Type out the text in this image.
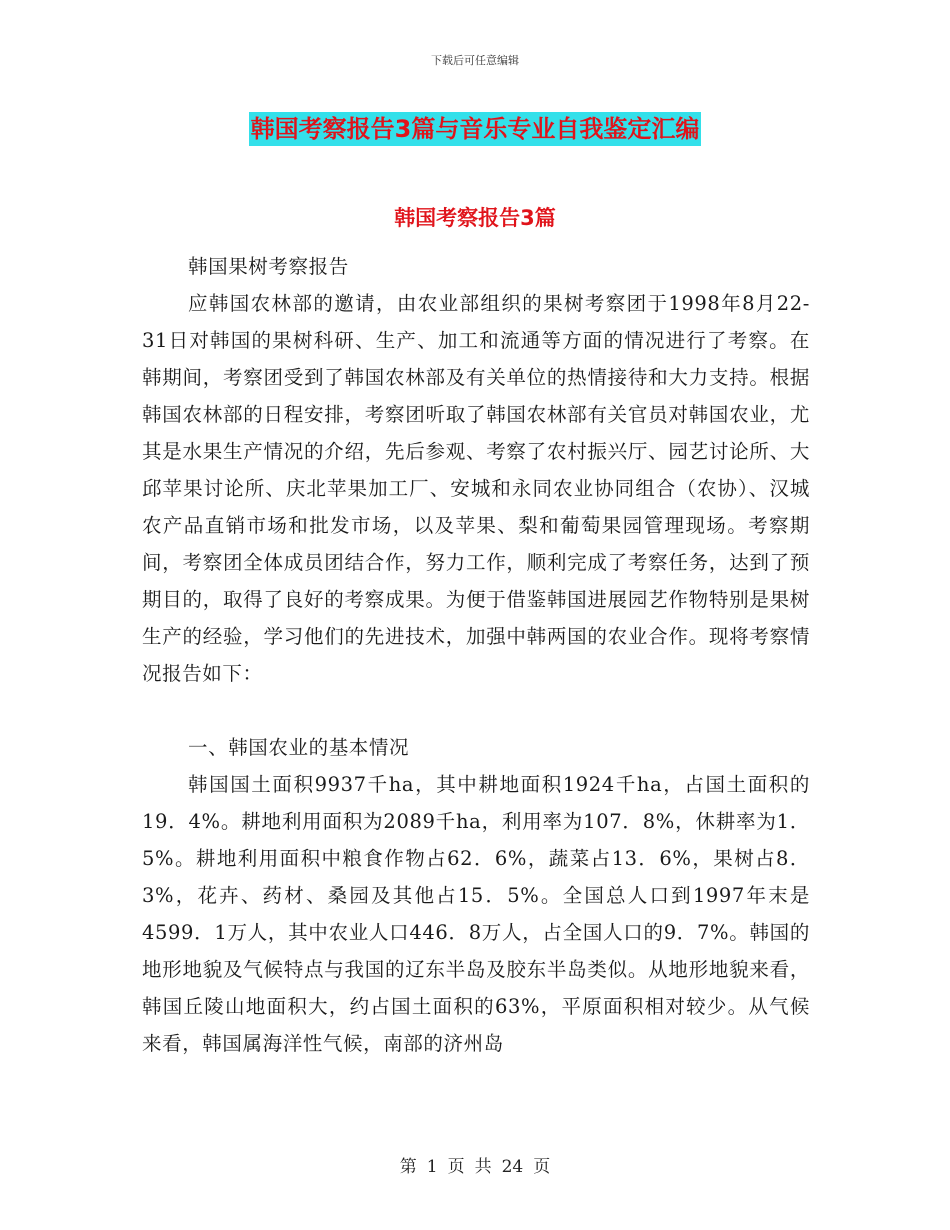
下载后可任意编辑
韩国考察报告3篇与音乐专业自我鉴定汇编
韩国考察报告3篇
韩国果树考察报告

应韩国农林部的邀请，由农业部组织的果树考察团于1998年8月22-31日对韩国的果树科研、生产、加工和流通等方面的情况进行了考察。在韩期间，考察团受到了韩国农林部及有关单位的热情接待和大力支持。根据韩国农林部的日程安排，考察团听取了韩国农林部有关官员对韩国农业，尤其是水果生产情况的介绍，先后参观、考察了农村振兴厅、园艺讨论所、大邱苹果讨论所、庆北苹果加工厂、安城和永同农业协同组合（农协）、汉城农产品直销市场和批发市场，以及苹果、梨和葡萄果园管理现场。考察期间，考察团全体成员团结合作，努力工作，顺利完成了考察任务，达到了预期目的，取得了良好的考察成果。为便于借鉴韩国进展园艺作物特别是果树生产的经验，学习他们的先进技术，加强中韩两国的农业合作。现将考察情况报告如下：

一、韩国农业的基本情况

韩国国土面积9937千ha，其中耕地面积1924千ha，占国土面积的19．4%。耕地利用面积为2089千ha，利用率为107．8%，休耕率为1．5%。耕地利用面积中粮食作物占62．6%，蔬菜占13．6%，果树占8．3%，花卉、药材、桑园及其他占15．5%。全国总人口到1997年末是4599．1万人，其中农业人口446．8万人，占全国人口的9．7%。韩国的地形地貌及气候特点与我国的辽东半岛及胶东半岛类似。从地形地貌来看，韩国丘陵山地面积大，约占国土面积的63%，平原面积相对较少。从气候来看，韩国属海洋性气候，南部的济州岛

第 1 页 共 24 页
